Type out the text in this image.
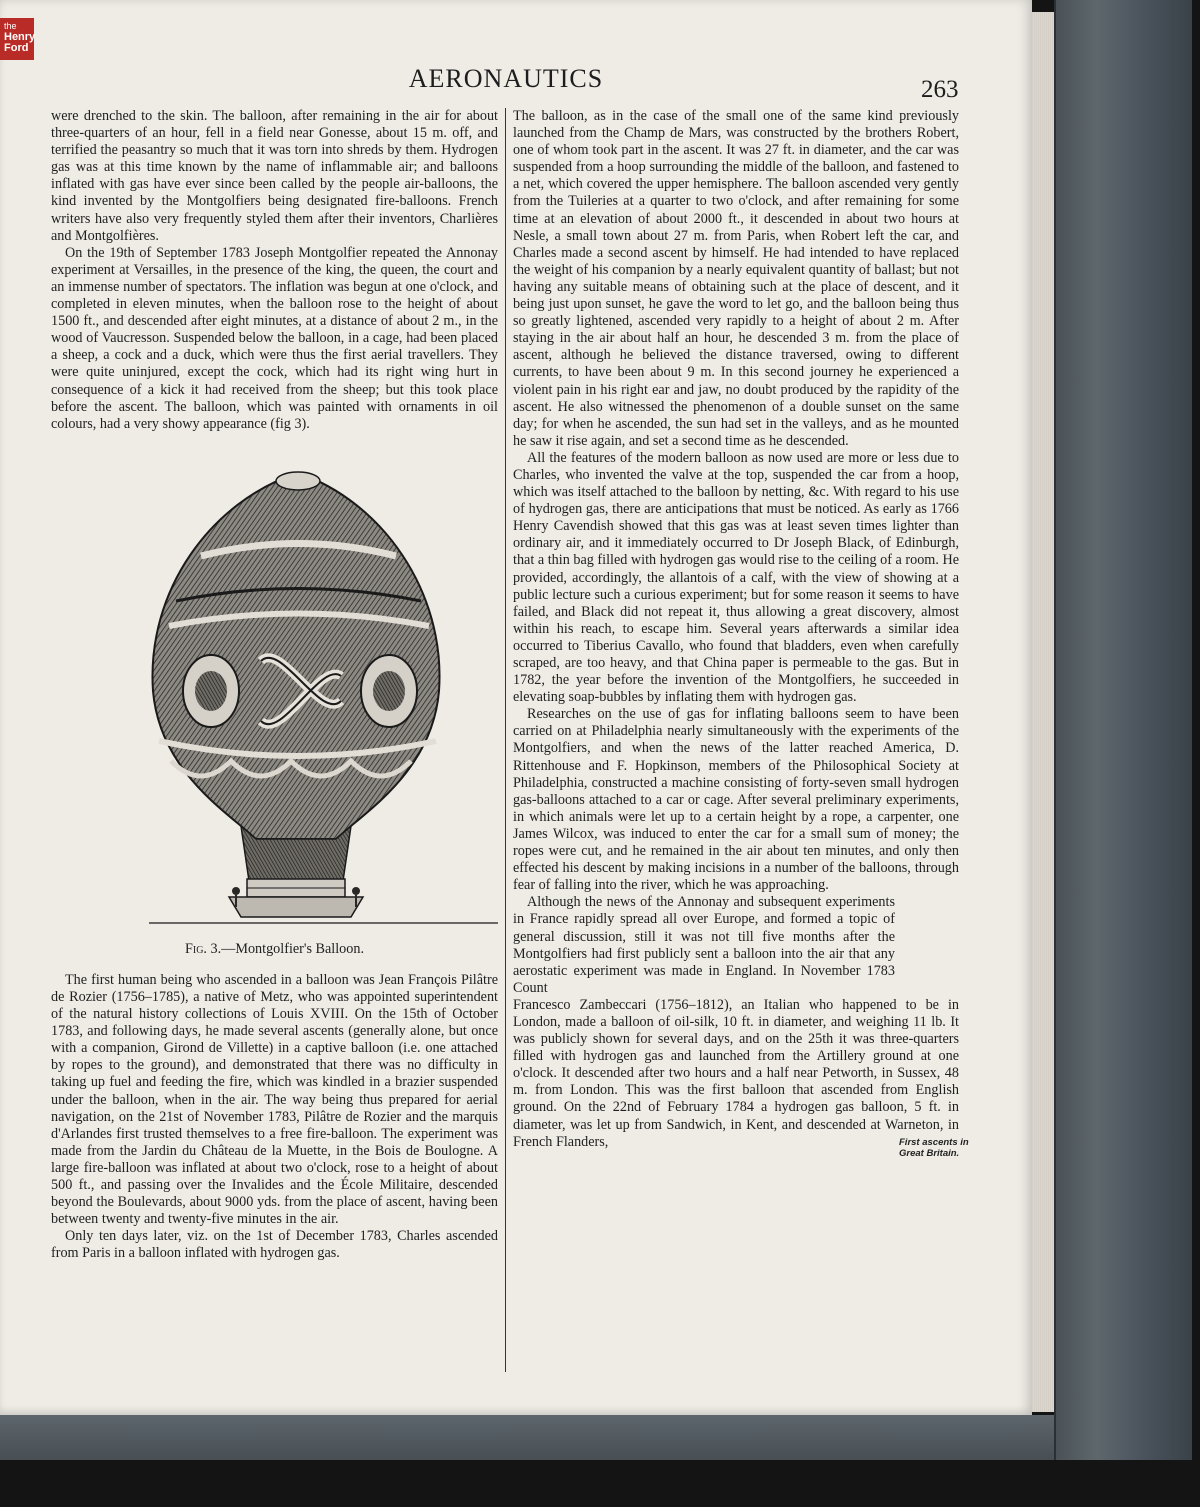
the
Henry
Ford
AERONAUTICS	263

were drenched to the skin. The balloon, after remaining in the air for about three-quarters of an hour, fell in a field near Gonesse, about 15 m. off, and terrified the peasantry so much that it was torn into shreds by them. Hydrogen gas was at this time known by the name of inflammable air; and balloons inflated with gas have ever since been called by the people air-balloons, the kind invented by the Montgolfiers being designated fire-balloons. French writers have also very frequently styled them after their inventors, Charlières and Montgolfières.

On the 19th of September 1783 Joseph Montgolfier repeated the Annonay experiment at Versailles, in the presence of the king, the queen, the court and an immense number of spectators. The inflation was begun at one o'clock, and completed in eleven minutes, when the balloon rose to the height of about 1500 ft., and descended after eight minutes, at a distance of about 2 m., in the wood of Vaucresson. Suspended below the balloon, in a cage, had been placed a sheep, a cock and a duck, which were thus the first aerial travellers. They were quite uninjured, except the cock, which had its right wing hurt in consequence of a kick it had received from the sheep; but this took place before the ascent. The balloon, which was painted with ornaments in oil colours, had a very showy appearance (fig 3).

Fig. 3.—Montgolfier's Balloon.

The first human being who ascended in a balloon was Jean François Pilâtre de Rozier (1756–1785), a native of Metz, who was appointed superintendent of the natural history collections of Louis XVIII. On the 15th of October 1783, and following days, he made several ascents (generally alone, but once with a companion, Girond de Villette) in a captive balloon (i.e. one attached by ropes to the ground), and demonstrated that there was no difficulty in taking up fuel and feeding the fire, which was kindled in a brazier suspended under the balloon, when in the air. The way being thus prepared for aerial navigation, on the 21st of November 1783, Pilâtre de Rozier and the marquis d'Arlandes first trusted themselves to a free fire-balloon. The experiment was made from the Jardin du Château de la Muette, in the Bois de Boulogne. A large fire-balloon was inflated at about two o'clock, rose to a height of about 500 ft., and passing over the Invalides and the École Militaire, descended beyond the Boulevards, about 9000 yds. from the place of ascent, having been between twenty and twenty-five minutes in the air.

Only ten days later, viz. on the 1st of December 1783, Charles ascended from Paris in a balloon inflated with hydrogen gas.

The balloon, as in the case of the small one of the same kind previously launched from the Champ de Mars, was constructed by the brothers Robert, one of whom took part in the ascent. It was 27 ft. in diameter, and the car was suspended from a hoop surrounding the middle of the balloon, and fastened to a net, which covered the upper hemisphere. The balloon ascended very gently from the Tuileries at a quarter to two o'clock, and after remaining for some time at an elevation of about 2000 ft., it descended in about two hours at Nesle, a small town about 27 m. from Paris, when Robert left the car, and Charles made a second ascent by himself. He had intended to have replaced the weight of his companion by a nearly equivalent quantity of ballast; but not having any suitable means of obtaining such at the place of descent, and it being just upon sunset, he gave the word to let go, and the balloon being thus so greatly lightened, ascended very rapidly to a height of about 2 m. After staying in the air about half an hour, he descended 3 m. from the place of ascent, although he believed the distance traversed, owing to different currents, to have been about 9 m. In this second journey he experienced a violent pain in his right ear and jaw, no doubt produced by the rapidity of the ascent. He also witnessed the phenomenon of a double sunset on the same day; for when he ascended, the sun had set in the valleys, and as he mounted he saw it rise again, and set a second time as he descended.

All the features of the modern balloon as now used are more or less due to Charles, who invented the valve at the top, suspended the car from a hoop, which was itself attached to the balloon by netting, &c. With regard to his use of hydrogen gas, there are anticipations that must be noticed. As early as 1766 Henry Cavendish showed that this gas was at least seven times lighter than ordinary air, and it immediately occurred to Dr Joseph Black, of Edinburgh, that a thin bag filled with hydrogen gas would rise to the ceiling of a room. He provided, accordingly, the allantois of a calf, with the view of showing at a public lecture such a curious experiment; but for some reason it seems to have failed, and Black did not repeat it, thus allowing a great discovery, almost within his reach, to escape him. Several years afterwards a similar idea occurred to Tiberius Cavallo, who found that bladders, even when carefully scraped, are too heavy, and that China paper is permeable to the gas. But in 1782, the year before the invention of the Montgolfiers, he succeeded in elevating soap-bubbles by inflating them with hydrogen gas.

Researches on the use of gas for inflating balloons seem to have been carried on at Philadelphia nearly simultaneously with the experiments of the Montgolfiers, and when the news of the latter reached America, D. Rittenhouse and F. Hopkinson, members of the Philosophical Society at Philadelphia, constructed a machine consisting of forty-seven small hydrogen gas-balloons attached to a car or cage. After several preliminary experiments, in which animals were let up to a certain height by a rope, a carpenter, one James Wilcox, was induced to enter the car for a small sum of money; the ropes were cut, and he remained in the air about ten minutes, and only then effected his descent by making incisions in a number of the balloons, through fear of falling into the river, which he was approaching.

Although the news of the Annonay and subsequent experiments in France rapidly spread all over Europe, and formed a topic of general discussion, still it was not till five months after the Montgolfiers had first publicly sent a balloon into the air that any aerostatic experiment was made in England. In November 1783 Count

Francesco Zambeccari (1756–1812), an Italian who happened to be in London, made a balloon of oil-silk, 10 ft. in diameter, and weighing 11 lb. It was publicly shown for several days, and on the 25th it was three-quarters filled with hydrogen gas and launched from the Artillery ground at one o'clock. It descended after two hours and a half near Petworth, in Sussex, 48 m. from London. This was the first balloon that ascended from English ground. On the 22nd of February 1784 a hydrogen gas balloon, 5 ft. in diameter, was let up from Sandwich, in Kent, and descended at Warneton, in French Flanders,	First ascents in Great Britain.
